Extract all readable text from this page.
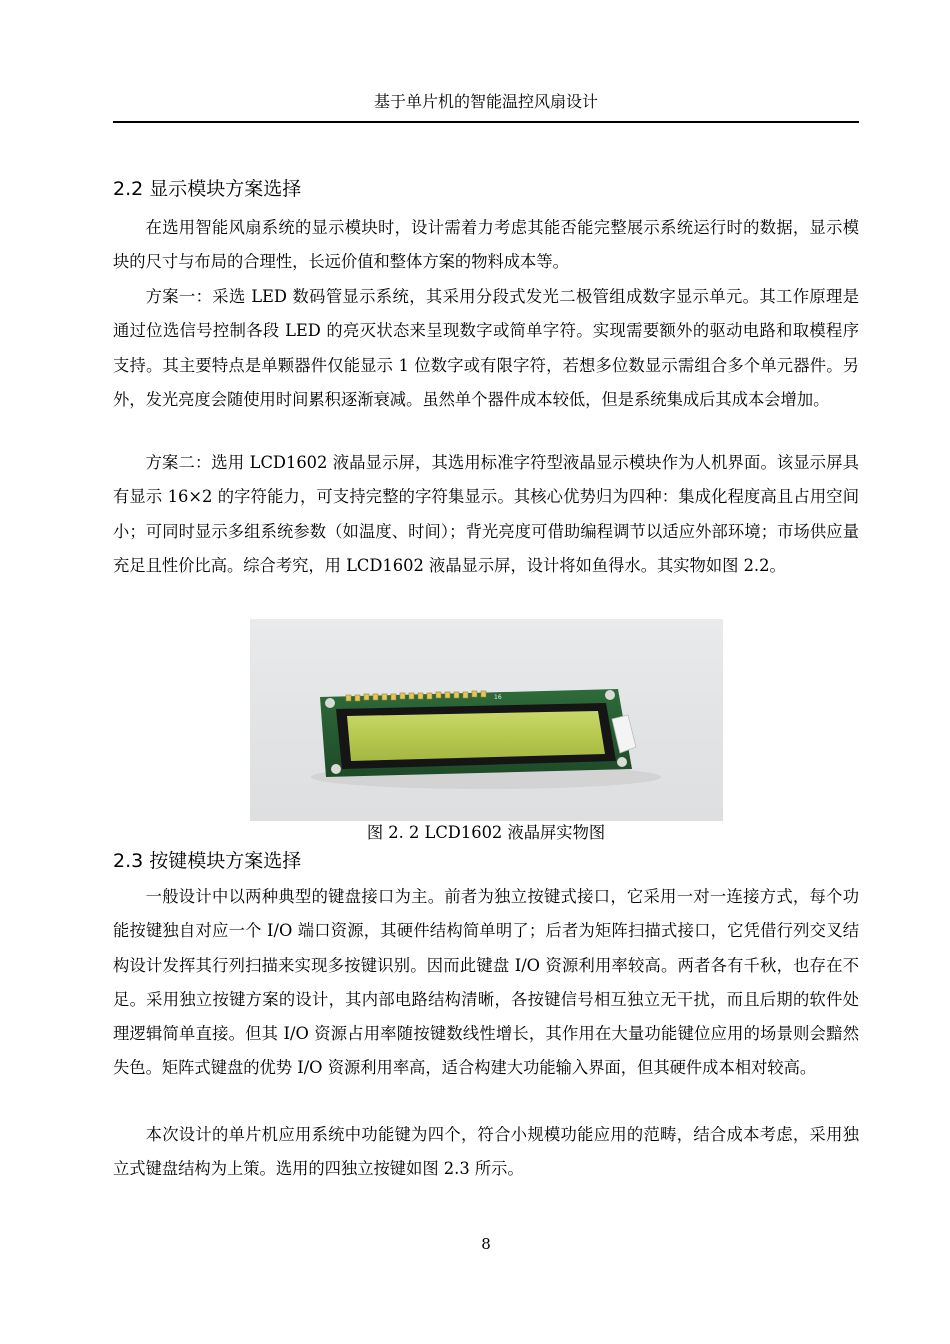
基于单片机的智能温控风扇设计
2.2 显示模块方案选择

在选用智能风扇系统的显示模块时，设计需着力考虑其能否能完整展示系统运行时的数据，显示模块的尺寸与布局的合理性，长远价值和整体方案的物料成本等。

方案一：采选 LED 数码管显示系统，其采用分段式发光二极管组成数字显示单元。其工作原理是通过位选信号控制各段 LED 的亮灭状态来呈现数字或简单字符。实现需要额外的驱动电路和取模程序支持。其主要特点是单颗器件仅能显示 1 位数字或有限字符，若想多位数显示需组合多个单元器件。另外，发光亮度会随使用时间累积逐渐衰减。虽然单个器件成本较低，但是系统集成后其成本会增加。

方案二：选用 LCD1602 液晶显示屏，其选用标准字符型液晶显示模块作为人机界面。该显示屏具有显示 16×2 的字符能力，可支持完整的字符集显示。其核心优势归为四种：集成化程度高且占用空间小；可同时显示多组系统参数（如温度、时间）；背光亮度可借助编程调节以适应外部环境；市场供应量充足且性价比高。综合考究，用 LCD1602 液晶显示屏，设计将如鱼得水。其实物如图 2.2。

16
图 2. 2 LCD1602 液晶屏实物图
2.3 按键模块方案选择

一般设计中以两种典型的键盘接口为主。前者为独立按键式接口，它采用一对一连接方式，每个功能按键独自对应一个 I/O 端口资源，其硬件结构简单明了；后者为矩阵扫描式接口，它凭借行列交叉结构设计发挥其行列扫描来实现多按键识别。因而此键盘 I/O 资源利用率较高。两者各有千秋，也存在不足。采用独立按键方案的设计，其内部电路结构清晰，各按键信号相互独立无干扰，而且后期的软件处理逻辑简单直接。但其 I/O 资源占用率随按键数线性增长，其作用在大量功能键位应用的场景则会黯然失色。矩阵式键盘的优势 I/O 资源利用率高，适合构建大功能输入界面，但其硬件成本相对较高。

本次设计的单片机应用系统中功能键为四个，符合小规模功能应用的范畴，结合成本考虑，采用独立式键盘结构为上策。选用的四独立按键如图 2.3 所示。

8
